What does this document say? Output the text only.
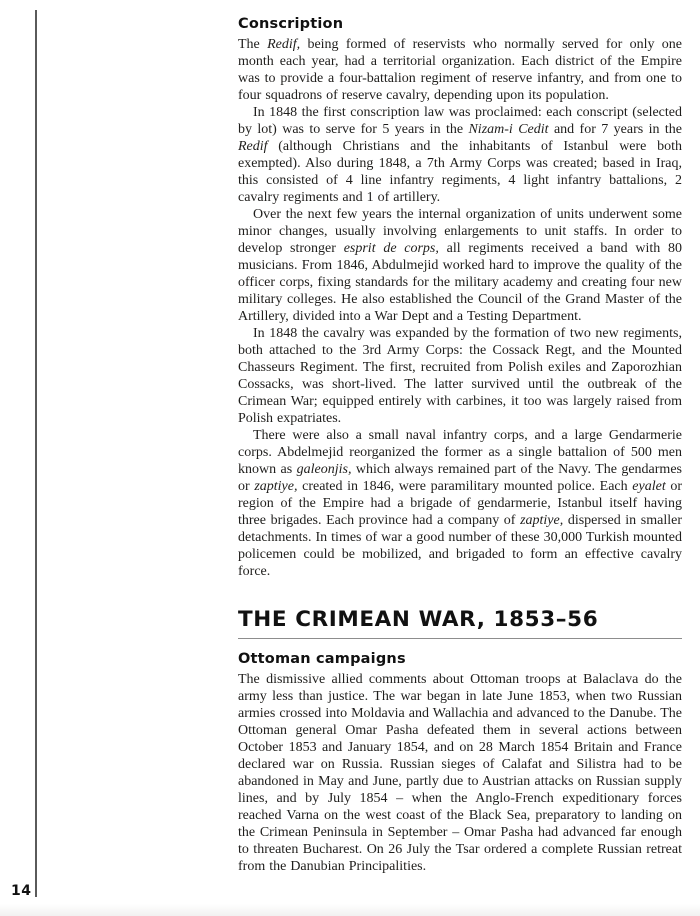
14
Conscription

The Redif, being formed of reservists who normally served for only one month each year, had a territorial organization. Each district of the Empire was to provide a four-battalion regiment of reserve infantry, and from one to four squadrons of reserve cavalry, depending upon its population.

In 1848 the first conscription law was proclaimed: each conscript (selected by lot) was to serve for 5 years in the Nizam-i Cedit and for 7 years in the Redif (although Christians and the inhabitants of Istanbul were both exempted). Also during 1848, a 7th Army Corps was created; based in Iraq, this consisted of 4 line infantry regiments, 4 light infantry battalions, 2 cavalry regiments and 1 of artillery.

Over the next few years the internal organization of units underwent some minor changes, usually involving enlargements to unit staffs. In order to develop stronger esprit de corps, all regiments received a band with 80 musicians. From 1846, Abdulmejid worked hard to improve the quality of the officer corps, fixing standards for the military academy and creating four new military colleges. He also established the Council of the Grand Master of the Artillery, divided into a War Dept and a Testing Department.

In 1848 the cavalry was expanded by the formation of two new regiments, both attached to the 3rd Army Corps: the Cossack Regt, and the Mounted Chasseurs Regiment. The first, recruited from Polish exiles and Zaporozhian Cossacks, was short-lived. The latter survived until the outbreak of the Crimean War; equipped entirely with carbines, it too was largely raised from Polish expatriates.

There were also a small naval infantry corps, and a large Gendarmerie corps. Abdelmejid reorganized the former as a single battalion of 500 men known as galeonjis, which always remained part of the Navy. The gendarmes or zaptiye, created in 1846, were paramilitary mounted police. Each eyalet or region of the Empire had a brigade of gendarmerie, Istanbul itself having three brigades. Each province had a company of zaptiye, dispersed in smaller detachments. In times of war a good number of these 30,000 Turkish mounted policemen could be mobilized, and brigaded to form an effective cavalry force.

THE CRIMEAN WAR, 1853–56
Ottoman campaigns

The dismissive allied comments about Ottoman troops at Balaclava do the army less than justice. The war began in late June 1853, when two Russian armies crossed into Moldavia and Wallachia and advanced to the Danube. The Ottoman general Omar Pasha defeated them in several actions between October 1853 and January 1854, and on 28 March 1854 Britain and France declared war on Russia. Russian sieges of Calafat and Silistra had to be abandoned in May and June, partly due to Austrian attacks on Russian supply lines, and by July 1854 – when the Anglo-French expeditionary forces reached Varna on the west coast of the Black Sea, preparatory to landing on the Crimean Peninsula in September – Omar Pasha had advanced far enough to threaten Bucharest. On 26 July the Tsar ordered a complete Russian retreat from the Danubian Principalities.
